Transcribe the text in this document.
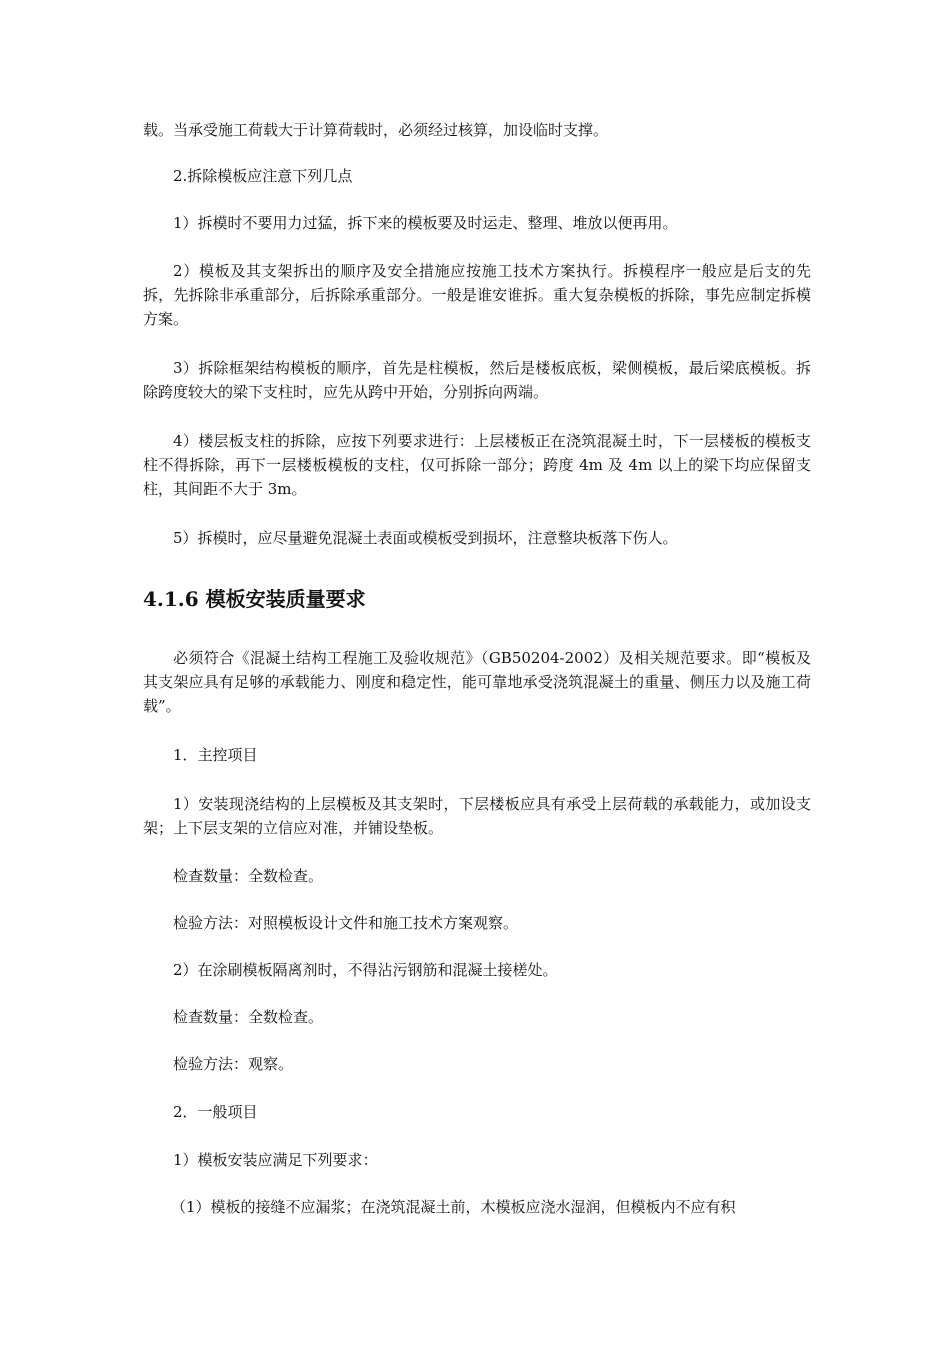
载。当承受施工荷载大于计算荷载时，必须经过核算，加设临时支撑。

2.拆除模板应注意下列几点

1）拆模时不要用力过猛，拆下来的模板要及时运走、整理、堆放以便再用。

2）模板及其支架拆出的顺序及安全措施应按施工技术方案执行。拆模程序一般应是后支的先拆，先拆除非承重部分，后拆除承重部分。一般是谁安谁拆。重大复杂模板的拆除，事先应制定拆模方案。

3）拆除框架结构模板的顺序，首先是柱模板，然后是楼板底板，梁侧模板，最后梁底模板。拆除跨度较大的梁下支柱时，应先从跨中开始，分别拆向两端。

4）楼层板支柱的拆除，应按下列要求进行：上层楼板正在浇筑混凝土时，下一层楼板的模板支柱不得拆除，再下一层楼板模板的支柱，仅可拆除一部分；跨度 4m 及 4m 以上的梁下均应保留支柱，其间距不大于 3m。

5）拆模时，应尽量避免混凝土表面或模板受到损坏，注意整块板落下伤人。

4.1.6 模板安装质量要求

必须符合《混凝土结构工程施工及验收规范》（GB50204-2002）及相关规范要求。即“模板及其支架应具有足够的承载能力、刚度和稳定性，能可靠地承受浇筑混凝土的重量、侧压力以及施工荷载”。

1．主控项目

1）安装现浇结构的上层模板及其支架时，下层楼板应具有承受上层荷载的承载能力，或加设支架；上下层支架的立信应对准，并铺设垫板。

检查数量：全数检查。

检验方法：对照模板设计文件和施工技术方案观察。

2）在涂刷模板隔离剂时，不得沾污钢筋和混凝土接槎处。

检查数量：全数检查。

检验方法：观察。

2．一般项目

1）模板安装应满足下列要求：

（1）模板的接缝不应漏浆；在浇筑混凝土前，木模板应浇水湿润，但模板内不应有积
